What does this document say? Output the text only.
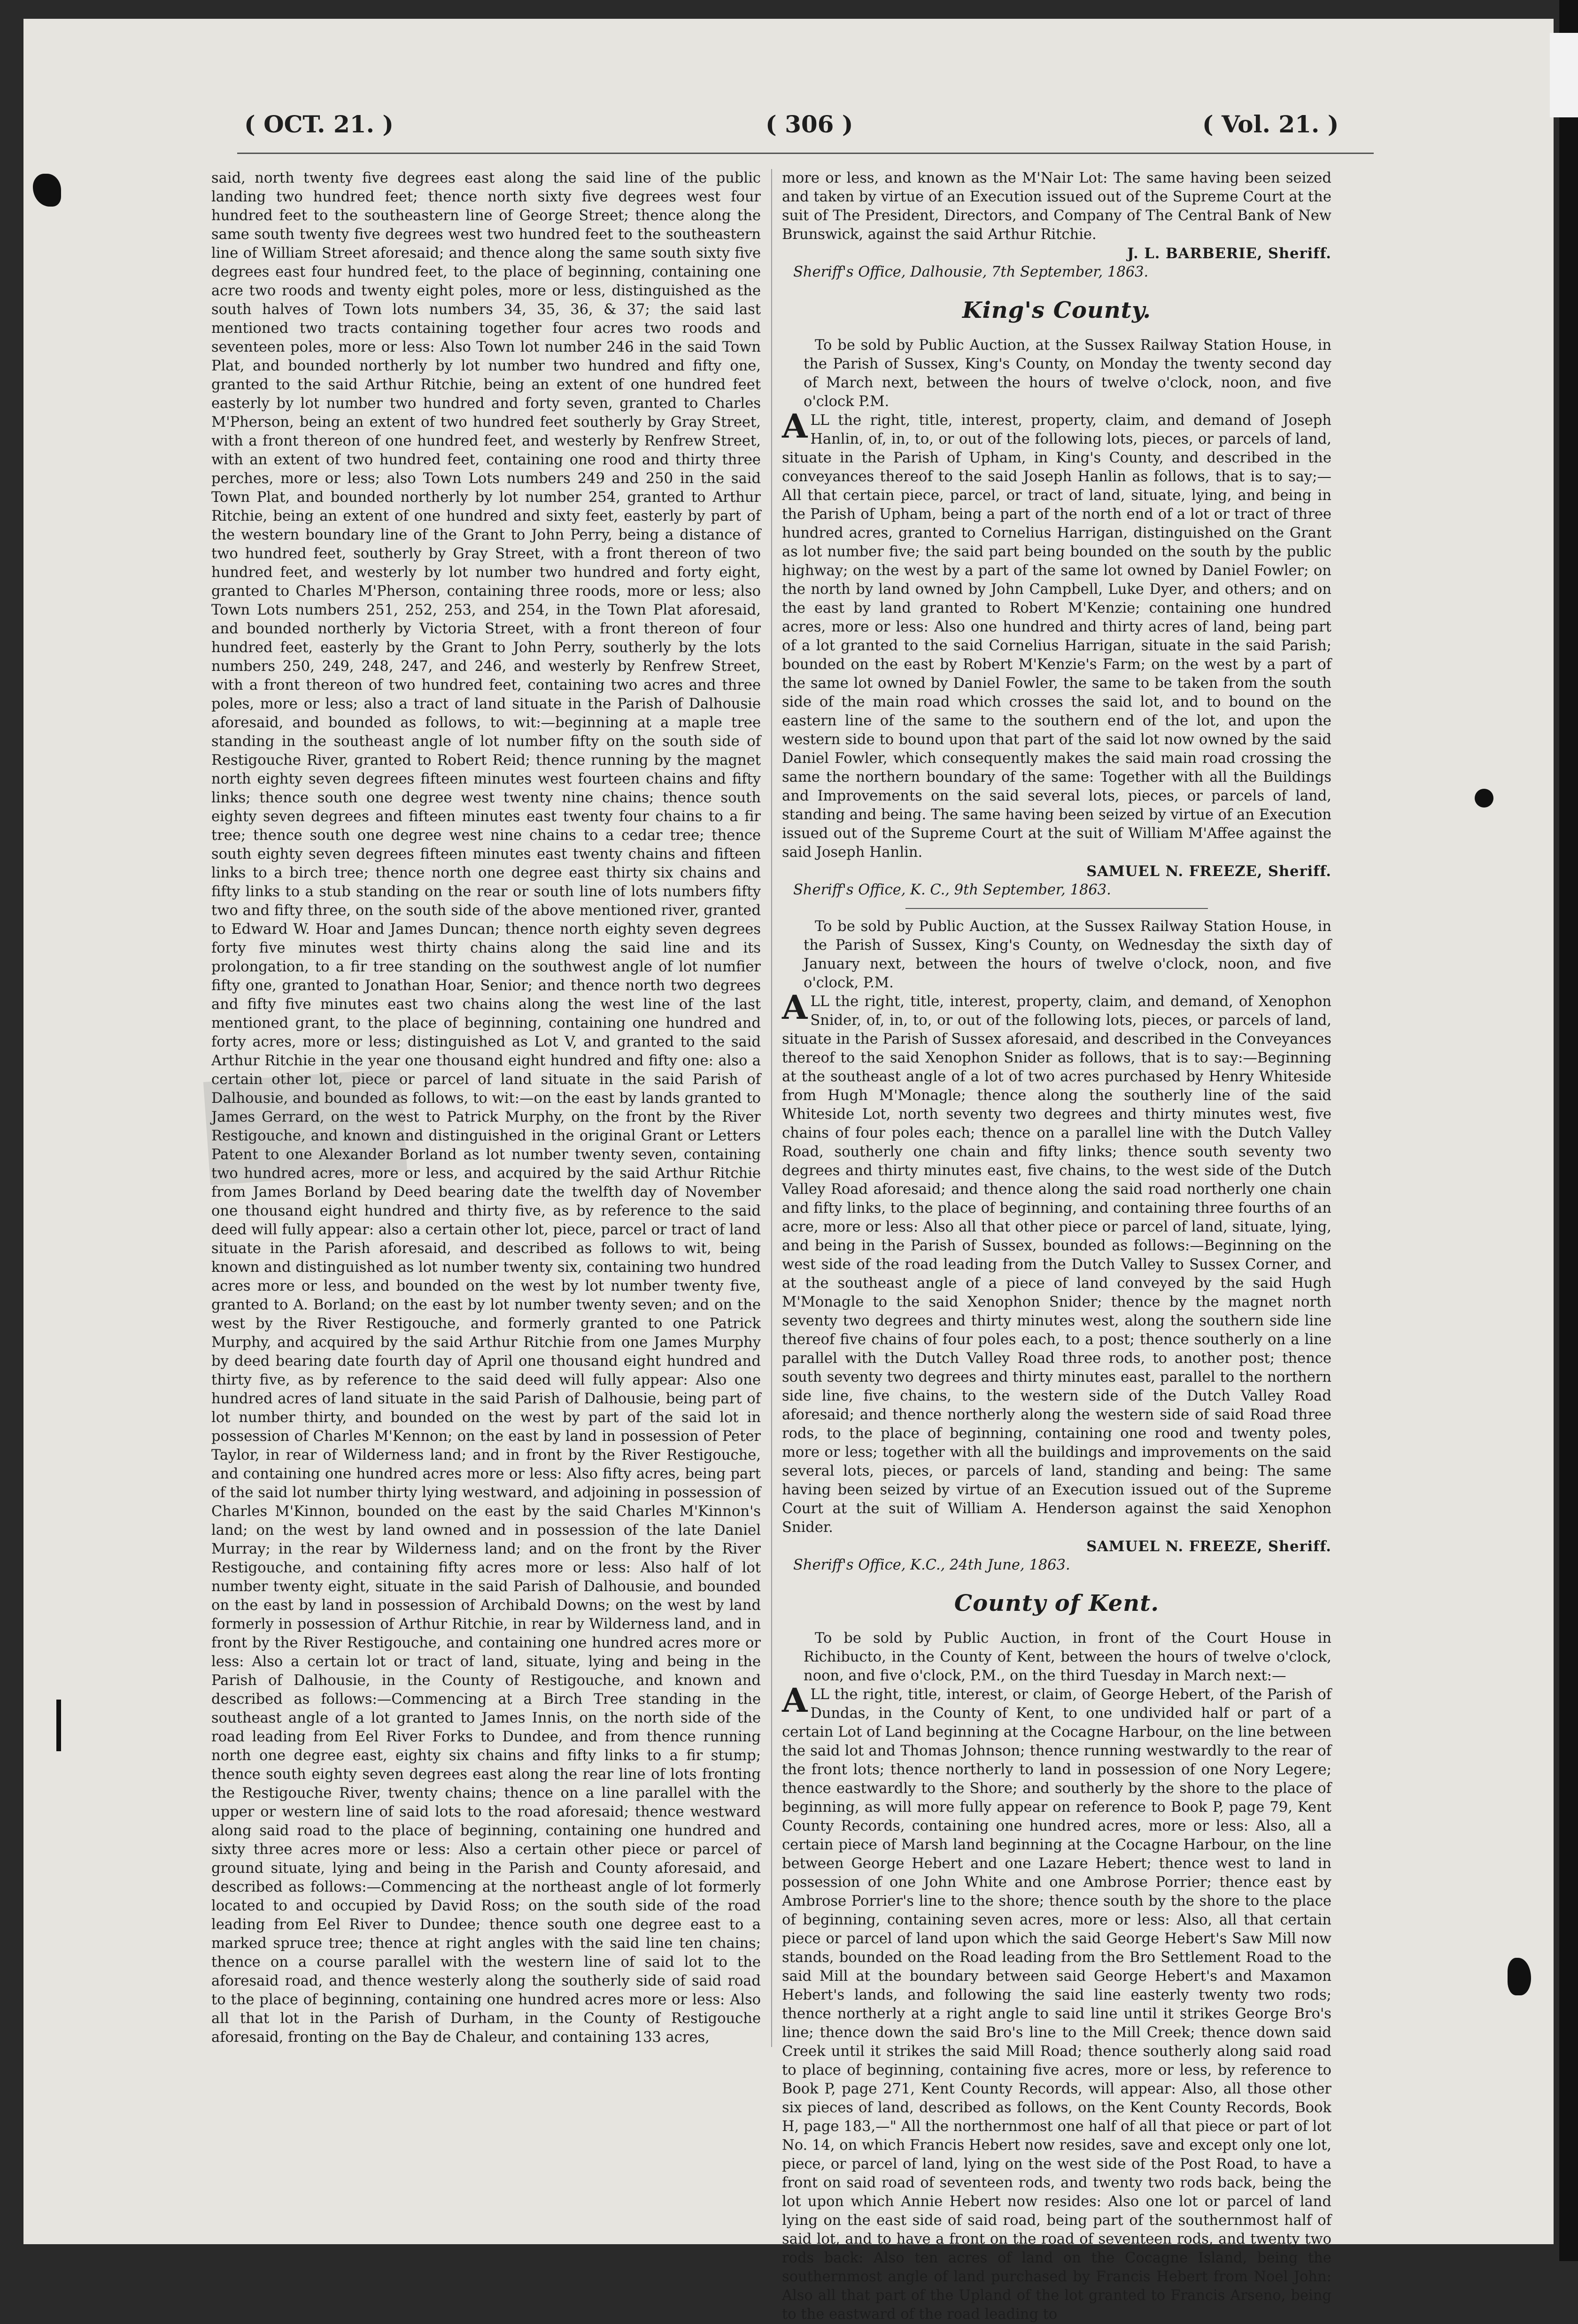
( OCT. 21. )	( 306 )	( Vol. 21. )

said, north twenty five degrees east along the said line of the public landing two hundred feet; thence north sixty five degrees west four hundred feet to the southeastern line of George Street; thence along the same south twenty five degrees west two hundred feet to the southeastern line of William Street aforesaid; and thence along the same south sixty five degrees east four hundred feet, to the place of beginning, containing one acre two roods and twenty eight poles, more or less, distinguished as the south halves of Town lots numbers 34, 35, 36, & 37; the said last mentioned two tracts containing together four acres two roods and seventeen poles, more or less: Also Town lot number 246 in the said Town Plat, and bounded northerly by lot number two hundred and fifty one, granted to the said Arthur Ritchie, being an extent of one hundred feet easterly by lot number two hundred and forty seven, granted to Charles M'Pherson, being an extent of two hundred feet southerly by Gray Street, with a front thereon of one hundred feet, and westerly by Renfrew Street, with an extent of two hundred feet, containing one rood and thirty three perches, more or less; also Town Lots numbers 249 and 250 in the said Town Plat, and bounded northerly by lot number 254, granted to Arthur Ritchie, being an extent of one hundred and sixty feet, easterly by part of the western boundary line of the Grant to John Perry, being a distance of two hundred feet, southerly by Gray Street, with a front thereon of two hundred feet, and westerly by lot number two hundred and forty eight, granted to Charles M'Pherson, containing three roods, more or less; also Town Lots numbers 251, 252, 253, and 254, in the Town Plat aforesaid, and bounded northerly by Victoria Street, with a front thereon of four hundred feet, easterly by the Grant to John Perry, southerly by the lots numbers 250, 249, 248, 247, and 246, and westerly by Renfrew Street, with a front thereon of two hundred feet, containing two acres and three poles, more or less; also a tract of land situate in the Parish of Dalhousie aforesaid, and bounded as follows, to wit:—beginning at a maple tree standing in the southeast angle of lot number fifty on the south side of Restigouche River, granted to Robert Reid; thence running by the magnet north eighty seven degrees fifteen minutes west fourteen chains and fifty links; thence south one degree west twenty nine chains; thence south eighty seven degrees and fifteen minutes east twenty four chains to a fir tree; thence south one degree west nine chains to a cedar tree; thence south eighty seven degrees fifteen minutes east twenty chains and fifteen links to a birch tree; thence north one degree east thirty six chains and fifty links to a stub standing on the rear or south line of lots numbers fifty two and fifty three, on the south side of the above mentioned river, granted to Edward W. Hoar and James Duncan; thence north eighty seven degrees forty five minutes west thirty chains along the said line and its prolongation, to a fir tree standing on the southwest angle of lot numfier fifty one, granted to Jonathan Hoar, Senior; and thence north two degrees and fifty five minutes east two chains along the west line of the last mentioned grant, to the place of beginning, containing one hundred and forty acres, more or less; distinguished as Lot V, and granted to the said Arthur Ritchie in the year one thousand eight hundred and fifty one: also a certain other lot, piece or parcel of land situate in the said Parish of Dalhousie, and bounded as follows, to wit:—on the east by lands granted to James Gerrard, on the west to Patrick Murphy, on the front by the River Restigouche, and known and distinguished in the original Grant or Letters Patent to one Alexander Borland as lot number twenty seven, containing two hundred acres, more or less, and acquired by the said Arthur Ritchie from James Borland by Deed bearing date the twelfth day of November one thousand eight hundred and thirty five, as by reference to the said deed will fully appear: also a certain other lot, piece, parcel or tract of land situate in the Parish aforesaid, and described as follows to wit, being known and distinguished as lot number twenty six, containing two hundred acres more or less, and bounded on the west by lot number twenty five, granted to A. Borland; on the east by lot number twenty seven; and on the west by the River Restigouche, and formerly granted to one Patrick Murphy, and acquired by the said Arthur Ritchie from one James Murphy by deed bearing date fourth day of April one thousand eight hundred and thirty five, as by reference to the said deed will fully appear: Also one hundred acres of land situate in the said Parish of Dalhousie, being part of lot number thirty, and bounded on the west by part of the said lot in possession of Charles M'Kennon; on the east by land in possession of Peter Taylor, in rear of Wilderness land; and in front by the River Restigouche, and containing one hundred acres more or less: Also fifty acres, being part of the said lot number thirty lying westward, and adjoining in possession of Charles M'Kinnon, bounded on the east by the said Charles M'Kinnon's land; on the west by land owned and in possession of the late Daniel Murray; in the rear by Wilderness land; and on the front by the River Restigouche, and containing fifty acres more or less: Also half of lot number twenty eight, situate in the said Parish of Dalhousie, and bounded on the east by land in possession of Archibald Downs; on the west by land formerly in possession of Arthur Ritchie, in rear by Wilderness land, and in front by the River Restigouche, and containing one hundred acres more or less: Also a certain lot or tract of land, situate, lying and being in the Parish of Dalhousie, in the County of Restigouche, and known and described as follows:—Commencing at a Birch Tree standing in the southeast angle of a lot granted to James Innis, on the north side of the road leading from Eel River Forks to Dundee, and from thence running north one degree east, eighty six chains and fifty links to a fir stump; thence south eighty seven degrees east along the rear line of lots fronting the Restigouche River, twenty chains; thence on a line parallel with the upper or western line of said lots to the road aforesaid; thence westward along said road to the place of beginning, containing one hundred and sixty three acres more or less: Also a certain other piece or parcel of ground situate, lying and being in the Parish and County aforesaid, and described as follows:—Commencing at the northeast angle of lot formerly located to and occupied by David Ross; on the south side of the road leading from Eel River to Dundee; thence south one degree east to a marked spruce tree; thence at right angles with the said line ten chains; thence on a course parallel with the western line of said lot to the aforesaid road, and thence westerly along the southerly side of said road to the place of beginning, containing one hundred acres more or less: Also all that lot in the Parish of Durham, in the County of Restigouche aforesaid, fronting on the Bay de Chaleur, and containing 133 acres,

more or less, and known as the M'Nair Lot: The same having been seized and taken by virtue of an Execution issued out of the Supreme Court at the suit of The President, Directors, and Company of The Central Bank of New Brunswick, against the said Arthur Ritchie.

J. L. BARBERIE, Sheriff.

Sheriff's Office, Dalhousie, 7th September, 1863.

King's County.

To be sold by Public Auction, at the Sussex Railway Station House, in the Parish of Sussex, King's County, on Monday the twenty second day of March next, between the hours of twelve o'clock, noon, and five o'clock P.M.

ALL the right, title, interest, property, claim, and demand of Joseph Hanlin, of, in, to, or out of the following lots, pieces, or parcels of land, situate in the Parish of Upham, in King's County, and described in the conveyances thereof to the said Joseph Hanlin as follows, that is to say;—All that certain piece, parcel, or tract of land, situate, lying, and being in the Parish of Upham, being a part of the north end of a lot or tract of three hundred acres, granted to Cornelius Harrigan, distinguished on the Grant as lot number five; the said part being bounded on the south by the public highway; on the west by a part of the same lot owned by Daniel Fowler; on the north by land owned by John Campbell, Luke Dyer, and others; and on the east by land granted to Robert M'Kenzie; containing one hundred acres, more or less: Also one hundred and thirty acres of land, being part of a lot granted to the said Cornelius Harrigan, situate in the said Parish; bounded on the east by Robert M'Kenzie's Farm; on the west by a part of the same lot owned by Daniel Fowler, the same to be taken from the south side of the main road which crosses the said lot, and to bound on the eastern line of the same to the southern end of the lot, and upon the western side to bound upon that part of the said lot now owned by the said Daniel Fowler, which consequently makes the said main road crossing the same the northern boundary of the same: Together with all the Buildings and Improvements on the said several lots, pieces, or parcels of land, standing and being. The same having been seized by virtue of an Execution issued out of the Supreme Court at the suit of William M'Affee against the said Joseph Hanlin.

SAMUEL N. FREEZE, Sheriff.

Sheriff's Office, K. C., 9th September, 1863.

To be sold by Public Auction, at the Sussex Railway Station House, in the Parish of Sussex, King's County, on Wednesday the sixth day of January next, between the hours of twelve o'clock, noon, and five o'clock, P.M.

ALL the right, title, interest, property, claim, and demand, of Xenophon Snider, of, in, to, or out of the following lots, pieces, or parcels of land, situate in the Parish of Sussex aforesaid, and described in the Conveyances thereof to the said Xenophon Snider as follows, that is to say:—Beginning at the southeast angle of a lot of two acres purchased by Henry Whiteside from Hugh M'Monagle; thence along the southerly line of the said Whiteside Lot, north seventy two degrees and thirty minutes west, five chains of four poles each; thence on a parallel line with the Dutch Valley Road, southerly one chain and fifty links; thence south seventy two degrees and thirty minutes east, five chains, to the west side of the Dutch Valley Road aforesaid; and thence along the said road northerly one chain and fifty links, to the place of beginning, and containing three fourths of an acre, more or less: Also all that other piece or parcel of land, situate, lying, and being in the Parish of Sussex, bounded as follows:—Beginning on the west side of the road leading from the Dutch Valley to Sussex Corner, and at the southeast angle of a piece of land conveyed by the said Hugh M'Monagle to the said Xenophon Snider; thence by the magnet north seventy two degrees and thirty minutes west, along the southern side line thereof five chains of four poles each, to a post; thence southerly on a line parallel with the Dutch Valley Road three rods, to another post; thence south seventy two degrees and thirty minutes east, parallel to the northern side line, five chains, to the western side of the Dutch Valley Road aforesaid; and thence northerly along the western side of said Road three rods, to the place of beginning, containing one rood and twenty poles, more or less; together with all the buildings and improvements on the said several lots, pieces, or parcels of land, standing and being: The same having been seized by virtue of an Execution issued out of the Supreme Court at the suit of William A. Henderson against the said Xenophon Snider.

SAMUEL N. FREEZE, Sheriff.

Sheriff's Office, K.C., 24th June, 1863.

County of Kent.

To be sold by Public Auction, in front of the Court House in Richibucto, in the County of Kent, between the hours of twelve o'clock, noon, and five o'clock, P.M., on the third Tuesday in March next:—

ALL the right, title, interest, or claim, of George Hebert, of the Parish of Dundas, in the County of Kent, to one undivided half or part of a certain Lot of Land beginning at the Cocagne Harbour, on the line between the said lot and Thomas Johnson; thence running westwardly to the rear of the front lots; thence northerly to land in possession of one Nory Legere; thence eastwardly to the Shore; and southerly by the shore to the place of beginning, as will more fully appear on reference to Book P, page 79, Kent County Records, containing one hundred acres, more or less: Also, all a certain piece of Marsh land beginning at the Cocagne Harbour, on the line between George Hebert and one Lazare Hebert; thence west to land in possession of one John White and one Ambrose Porrier; thence east by Ambrose Porrier's line to the shore; thence south by the shore to the place of beginning, containing seven acres, more or less: Also, all that certain piece or parcel of land upon which the said George Hebert's Saw Mill now stands, bounded on the Road leading from the Bro Settlement Road to the said Mill at the boundary between said George Hebert's and Maxamon Hebert's lands, and following the said line easterly twenty two rods; thence northerly at a right angle to said line until it strikes George Bro's line; thence down the said Bro's line to the Mill Creek; thence down said Creek until it strikes the said Mill Road; thence southerly along said road to place of beginning, containing five acres, more or less, by reference to Book P, page 271, Kent County Records, will appear: Also, all those other six pieces of land, described as follows, on the Kent County Records, Book H, page 183,—" All the northernmost one half of all that piece or part of lot No. 14, on which Francis Hebert now resides, save and except only one lot, piece, or parcel of land, lying on the west side of the Post Road, to have a front on said road of seventeen rods, and twenty two rods back, being the lot upon which Annie Hebert now resides: Also one lot or parcel of land lying on the east side of said road, being part of the southernmost half of said lot, and to have a front on the road of seventeen rods, and twenty two rods back: Also ten acres of land on the Cocagne Island, being the southernmost angle of land purchased by Francis Hebert from Noel John: Also all that part of the Upland of the lot granted to Francis Arseno, being to the eastward of the road leading to
